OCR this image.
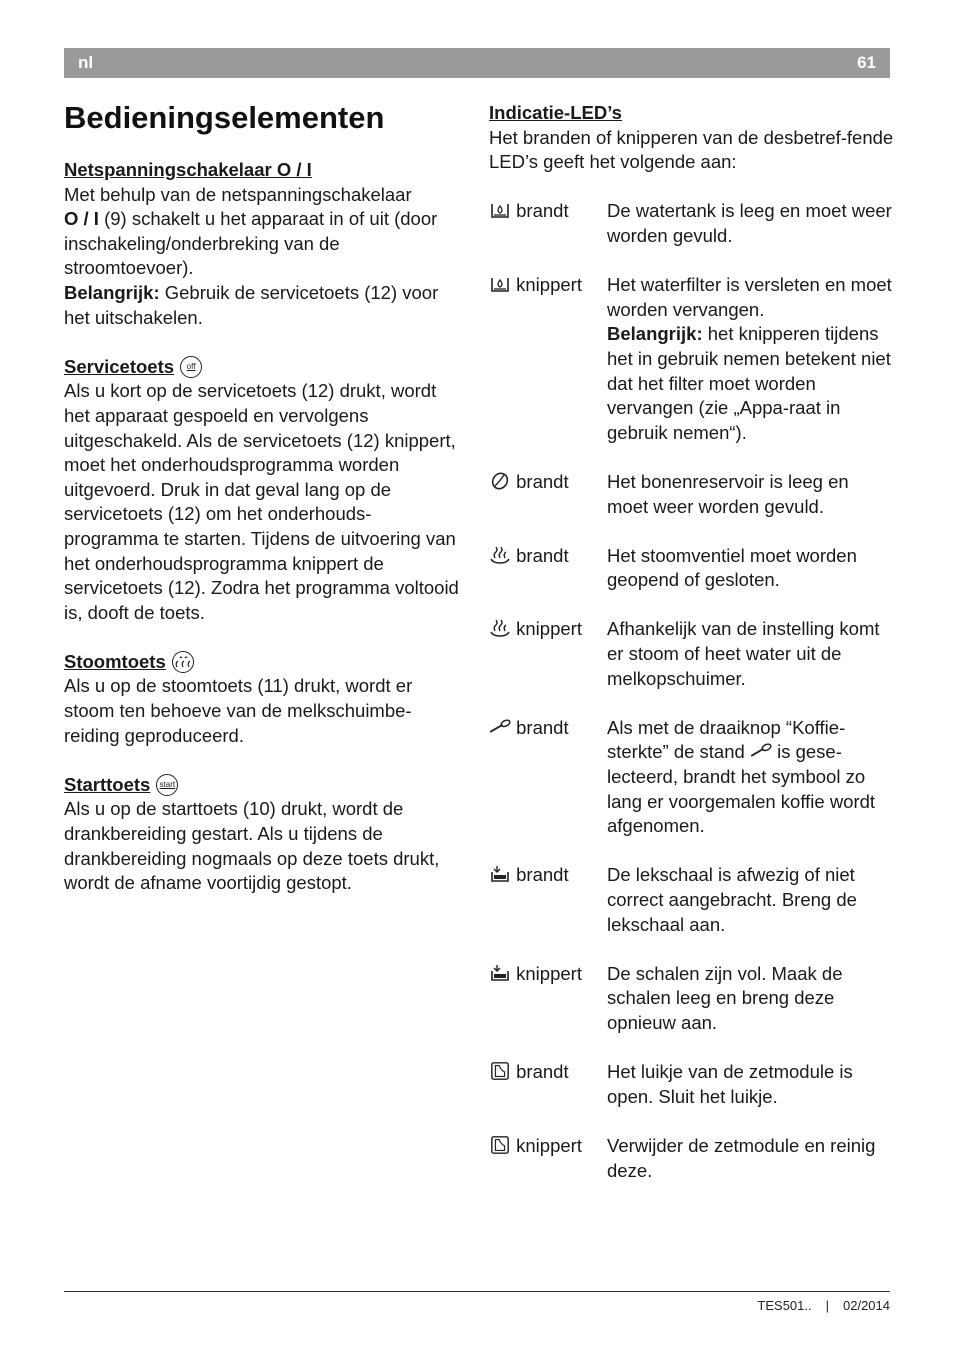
nl	61
Bedieningselementen
Netspanningschakelaar O / I

Met behulp van de netspanningschakelaar
O / I (9) schakelt u het apparaat in of uit (door inschakeling/onderbreking van de stroomtoevoer).
Belangrijk: Gebruik de servicetoets (12) voor het uitschakelen.

Servicetoets off

Als u kort op de servicetoets (12) drukt, wordt het apparaat gespoeld en vervolgens uitgeschakeld. Als de servicetoets (12) knippert, moet het onderhoudsprogramma worden uitgevoerd. Druk in dat geval lang op de servicetoets (12) om het onderhouds-programma te starten. Tijdens de uitvoering van het onderhoudsprogramma knippert de servicetoets (12). Zodra het programma voltooid is, dooft de toets.

Stoomtoets

Als u op de stoomtoets (11) drukt, wordt er stoom ten behoeve van de melkschuimbe-reiding geproduceerd.

Starttoets start

Als u op de starttoets (10) drukt, wordt de drankbereiding gestart. Als u tijdens de drankbereiding nogmaals op deze toets drukt, wordt de afname voortijdig gestopt.

Indicatie-LED’s

Het branden of knipperen van de desbetref-fende LED’s geeft het volgende aan:

brandt	De watertank is leeg en moet weer worden gevuld.
knippert	Het waterfilter is versleten en moet worden vervangen.
Belangrijk: het knipperen tijdens het in gebruik nemen betekent niet dat het filter moet worden vervangen (zie „Appa-raat in gebruik nemen“).
brandt	Het bonenreservoir is leeg en moet weer worden gevuld.
brandt	Het stoomventiel moet worden geopend of gesloten.
knippert	Afhankelijk van de instelling komt er stoom of heet water uit de melkopschuimer.
brandt	Als met de draaiknop “Koffie-sterkte” de stand  is gese-lecteerd, brandt het symbool zo lang er voorgemalen koffie wordt afgenomen.
brandt	De lekschaal is afwezig of niet correct aangebracht. Breng de lekschaal aan.
knippert	De schalen zijn vol. Maak de schalen leeg en breng deze opnieuw aan.
brandt	Het luikje van de zetmodule is open. Sluit het luikje.
knippert	Verwijder de zetmodule en reinig deze.
TES501.. | 02/2014
